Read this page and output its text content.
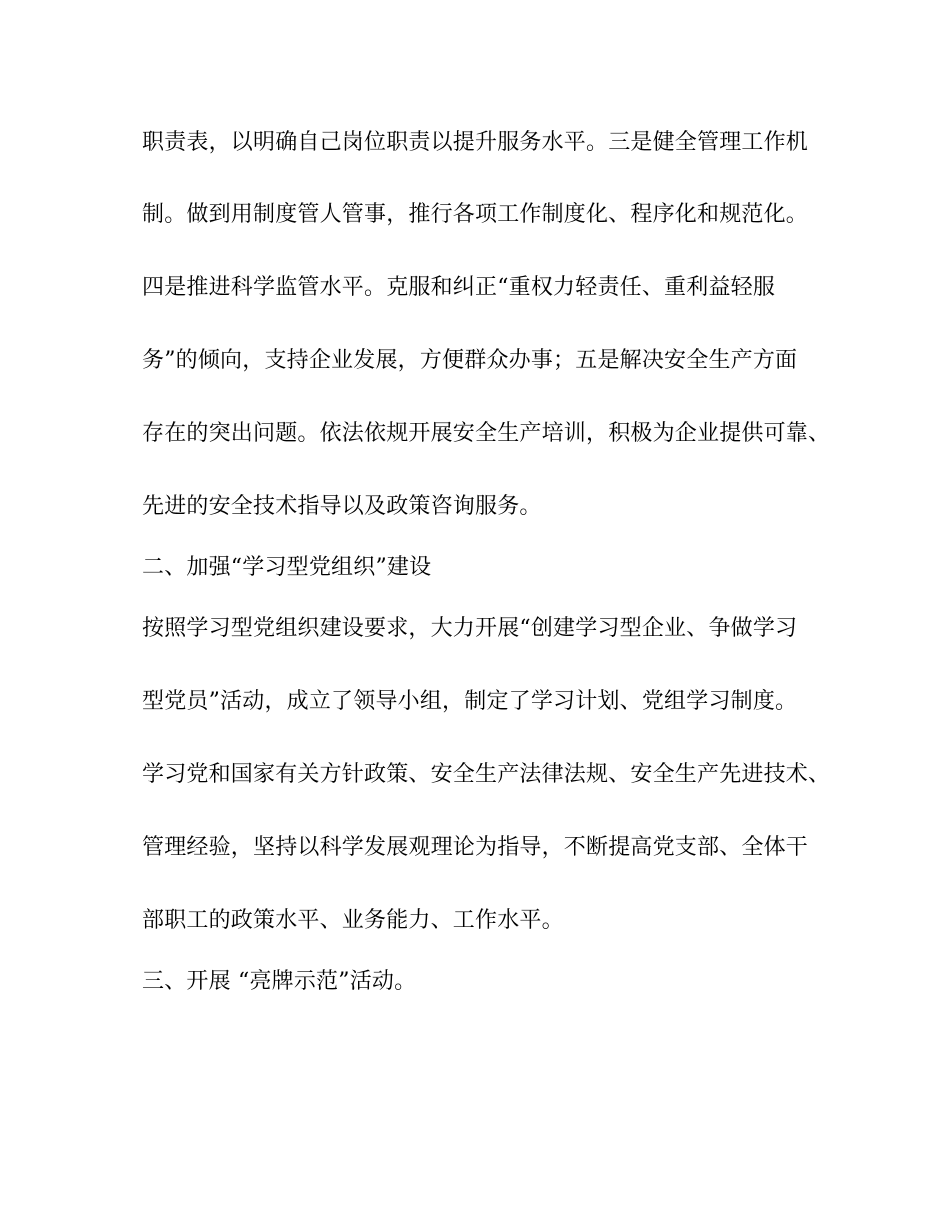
职责表，以明确自己岗位职责以提升服务水平。三是健全管理工作机
制。做到用制度管人管事，推行各项工作制度化、程序化和规范化。
四是推进科学监管水平。克服和纠正“重权力轻责任、重利益轻服
务”的倾向，支持企业发展，方便群众办事；五是解决安全生产方面
存在的突出问题。依法依规开展安全生产培训，积极为企业提供可靠、
先进的安全技术指导以及政策咨询服务。
二、加强“学习型党组织”建设
按照学习型党组织建设要求，大力开展“创建学习型企业、争做学习
型党员”活动，成立了领导小组，制定了学习计划、党组学习制度。
学习党和国家有关方针政策、安全生产法律法规、安全生产先进技术、
管理经验，坚持以科学发展观理论为指导，不断提高党支部、全体干
部职工的政策水平、业务能力、工作水平。
三、开展 “亮牌示范”活动。
